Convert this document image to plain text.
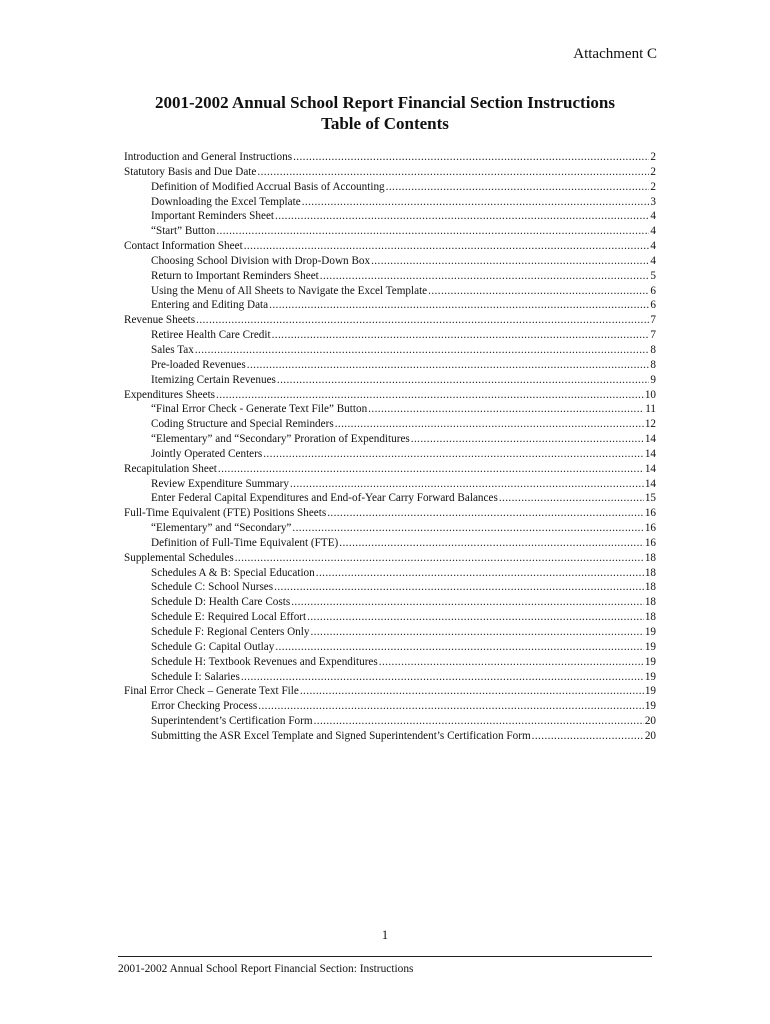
Attachment C
2001-2002 Annual School Report Financial Section Instructions
Table of Contents
Introduction and General Instructions .....	2
Statutory Basis and Due Date .....	2
Definition of Modified Accrual Basis of Accounting .....	2
Downloading the Excel Template .....	3
Important Reminders Sheet .....	4
“Start” Button .....	4
Contact Information Sheet .....	4
Choosing School Division with Drop-Down Box .....	4
Return to Important Reminders Sheet .....	5
Using the Menu of All Sheets to Navigate the Excel Template .....	6
Entering and Editing Data .....	6
Revenue Sheets .....	7
Retiree Health Care Credit .....	7
Sales Tax .....	8
Pre-loaded Revenues .....	8
Itemizing Certain Revenues .....	9
Expenditures Sheets .....	10
“Final Error Check - Generate Text File” Button .....	11
Coding Structure and Special Reminders .....	12
“Elementary” and “Secondary” Proration of Expenditures .....	14
Jointly Operated Centers .....	14
Recapitulation Sheet .....	14
Review Expenditure Summary .....	14
Enter Federal Capital Expenditures and End-of-Year Carry Forward Balances .....	15
Full-Time Equivalent (FTE) Positions Sheets .....	16
“Elementary” and “Secondary” .....	16
Definition of Full-Time Equivalent (FTE) .....	16
Supplemental Schedules .....	18
Schedules A & B: Special Education .....	18
Schedule C: School Nurses .....	18
Schedule D: Health Care Costs .....	18
Schedule E: Required Local Effort .....	18
Schedule F: Regional Centers Only .....	19
Schedule G: Capital Outlay .....	19
Schedule H: Textbook Revenues and Expenditures .....	19
Schedule I: Salaries .....	19
Final Error Check – Generate Text File .....	19
Error Checking Process .....	19
Superintendent’s Certification Form .....	20
Submitting the ASR Excel Template and Signed Superintendent’s Certification Form .....	20
1
2001-2002 Annual School Report Financial Section: Instructions
